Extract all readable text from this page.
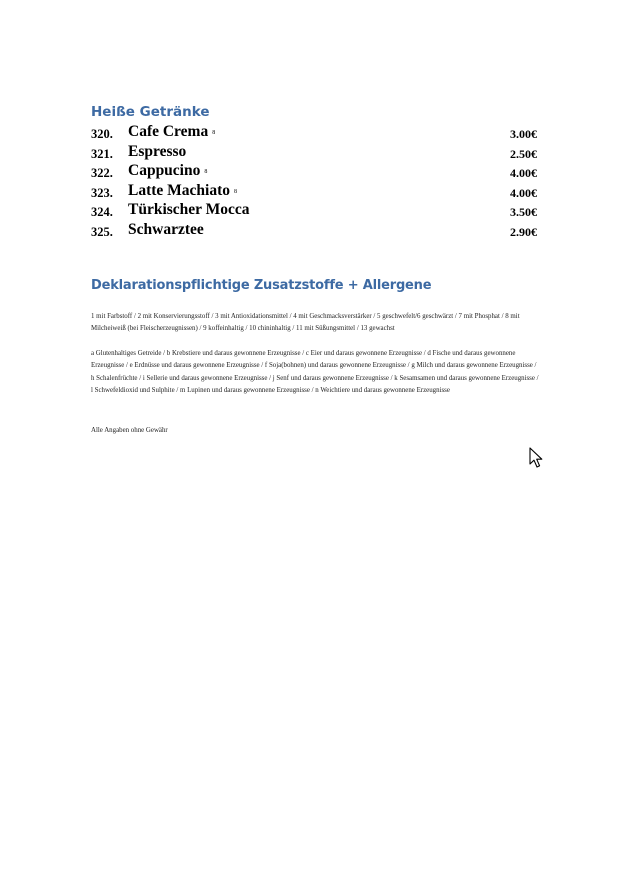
Heiße Getränke
320. Cafe Crema $^8$	3.00€
321. Espresso	2.50€
322. Cappucino $^8$	4.00€
323. Latte Machiato $^8$	4.00€
324. Türkischer Mocca	3.50€
325. Schwarztee	2.90€
Deklarationspflichtige Zusatzstoffe + Allergene
1 mit Farbstoff / 2 mit Konservierungsstoff / 3 mit Antioxidationsmittel / 4 mit Geschmacksverstärker / 5 geschwefelt/6 geschwärzt / 7 mit Phosphat / 8 mit Milcheiweiß (bei Fleischerzeugnissen) / 9 koffeinhaltig / 10 chininhaltig / 11 mit Süßungsmittel / 13 gewachst
a Glutenhaltiges Getreide / b Krebstiere und daraus gewonnene Erzeugnisse / c Eier und daraus gewonnene Erzeugnisse / d Fische und daraus gewonnene Erzeugnisse / e Erdnüsse und daraus gewonnene Erzeugnisse / f Soja(bohnen) und daraus gewonnene Erzeugnisse / g Milch und daraus gewonnene Erzeugnisse / h Schalenfrüchte / i Sellerie und daraus gewonnene Erzeugnisse / j Senf und daraus gewonnene Erzeugnisse / k Sesamsamen und daraus gewonnene Erzeugnisse / l Schwefeldioxid und Sulphite / m Lupinen und daraus gewonnene Erzeugnisse / n Weichtiere und daraus gewonnene Erzeugnisse
Alle Angaben ohne Gewähr
